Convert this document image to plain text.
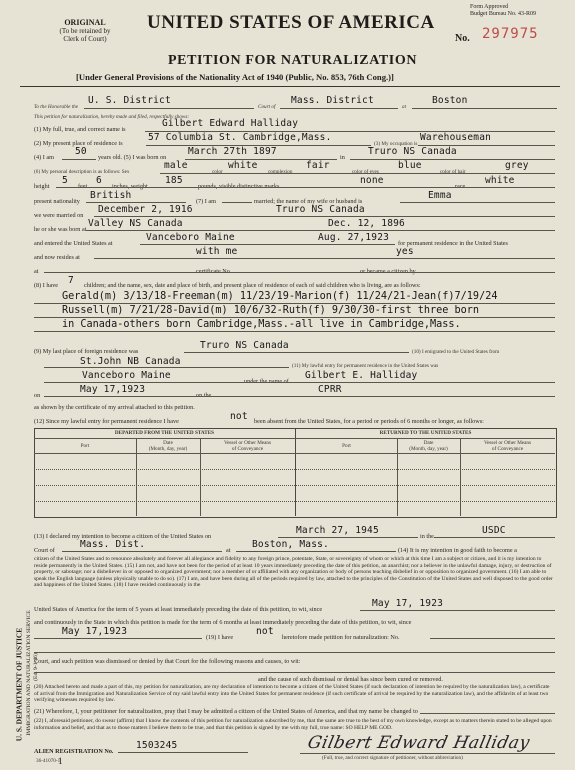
ORIGINAL
(To be retained by
Clerk of Court)
UNITED STATES OF AMERICA
Form Approved
Budget Bureau No. 43-R09
No. 297975
PETITION FOR NATURALIZATION
[Under General Provisions of the Nationality Act of 1940 (Public, No. 853, 76th Cong.)]
To the Honorable the
U. S. District
Court of
Mass. District
at
Boston
This petition for naturalization, hereby made and filed, respectfully shows:
(1) My full, true, and correct name is
Gilbert Edward Halliday
(2) My present place of residence is
57 Columbia St. Cambridge,Mass.
(3) My occupation is
Warehouseman
(4) I am
50
years old. (5) I was born on
March 27th 1897
in
Truro NS Canada
(6) My personal description is as follows: Sex
male
color
white
complexion
fair
color of eyes
blue
color of hair
grey
height
5
feet
6
inches, weight
185
pounds, visible distinctive marks
none
race
white
present nationality
British
(7) I am	married; the name of my wife or husband is
Emma
we were married on
December 2, 1916	Truro NS Canada
he or she was born at
Valley NS Canada	Dec. 12, 1896
and entered the United States at
Vanceboro Maine	Aug. 27,1923
for permanent residence in the United States
and now resides at
with me	yes
at	certificate No.	or became a citizen by
(8) I have 7 children; and the name, sex, date and place of birth, and present place of residence of each of said children who is living, are as follows:
Gerald(m) 3/13/18-Freeman(m) 11/23/19-Marion(f) 11/24/21-Jean(f)7/19/24
Russell(m) 7/21/28-David(m) 10/6/32-Ruth(f) 9/30/30-first three born
in Canada-others born Cambridge,Mass.-all live in Cambridge,Mass.
(9) My last place of foreign residence was
Truro NS Canada
(10) I emigrated to the United States from
St.John NB Canada	(11) My lawful entry for permanent residence in the United States was
Vanceboro Maine
under the name of
Gilbert E. Halliday
on
May 17,1923
on the
CPRR
as shown by the certificate of my arrival attached to this petition.
(12) Since my lawful entry for permanent residence I have	not been absent from the United States, for a period or periods of 6 months or longer, as follows:
DEPARTED FROM THE UNITED STATES	RETURNED TO THE UNITED STATES
Port	Date
(Month, day, year)
Vessel or Other Means
of Conveyance	Port	Date
(Month, day, year)
Vessel or Other Means
of Conveyance
(13) I declared my intention to become a citizen of the United States on
March 27, 1945
in the
USDC
Court of
Mass. Dist.
at
Boston, Mass.
(14) It is my intention in good faith to become a
citizen of the United States and to renounce absolutely and forever all allegiance and fidelity to any foreign prince, potentate, State, or sovereignty of whom or which at this time I am a subject or citizen, and it is my intention to reside permanently in the United States. (15) I am not, and have not been for the period of at least 10 years immediately preceding the date of this petition, an anarchist; nor a believer in the unlawful damage, injury, or destruction of property, or sabotage; nor a disbeliever in or opposed to organized government; nor a member of or affiliated with any organization or body of persons teaching disbelief in or opposition to organized government. (16) I am able to speak the English language (unless physically unable to do so). (17) I am, and have been during all of the periods required by law, attached to the principles of the Constitution of the United States and well disposed to the good order and happiness of the United States. (18) I have resided continuously in the
United States of America for the term of 5 years at least immediately preceding the date of this petition, to wit, since
May 17, 1923
and continuously in the State in which this petition is made for the term of 6 months at least immediately preceding the date of this petition, to wit, since
May 17,1923
(19) I have
not
heretofore made petition for naturalization: No.
Court, and such petition was dismissed or denied by that Court for the following reasons and causes, to wit:
and the cause of such dismissal or denial has since been cured or removed.
(20) Attached hereto and made a part of this, my petition for naturalization, are my declaration of intention to become a citizen of the United States (if such declaration of intention be required by the naturalization law), a certificate of arrival from the Immigration and Naturalization Service of my said lawful entry into the United States for permanent residence (if such certificate of arrival be required by the naturalization law), and the affidavits of at least two verifying witnesses required by law.
(21) Wherefore, I, your petitioner for naturalization, pray that I may be admitted a citizen of the United States of America, and that my name be changed to
(22) I, aforesaid petitioner, do swear (affirm) that I know the contents of this petition for naturalization subscribed by me, that the same are true to the best of my own knowledge, except as to matters therein stated to be alleged upon information and belief, and that as to those matters I believe them to be true, and that this petition is signed by me with my full, true name: SO HELP ME GOD.
ALIEN REGISTRATION No.
1503245	Gilbert Edward Halliday
(Full, true, and correct signature of petitioner, without abbreviation)
36-41070-1
1
U. S. DEPARTMENT OF JUSTICE IMMIGRATION AND NATURALIZATION SERVICE (Ed. 9-1-46)
